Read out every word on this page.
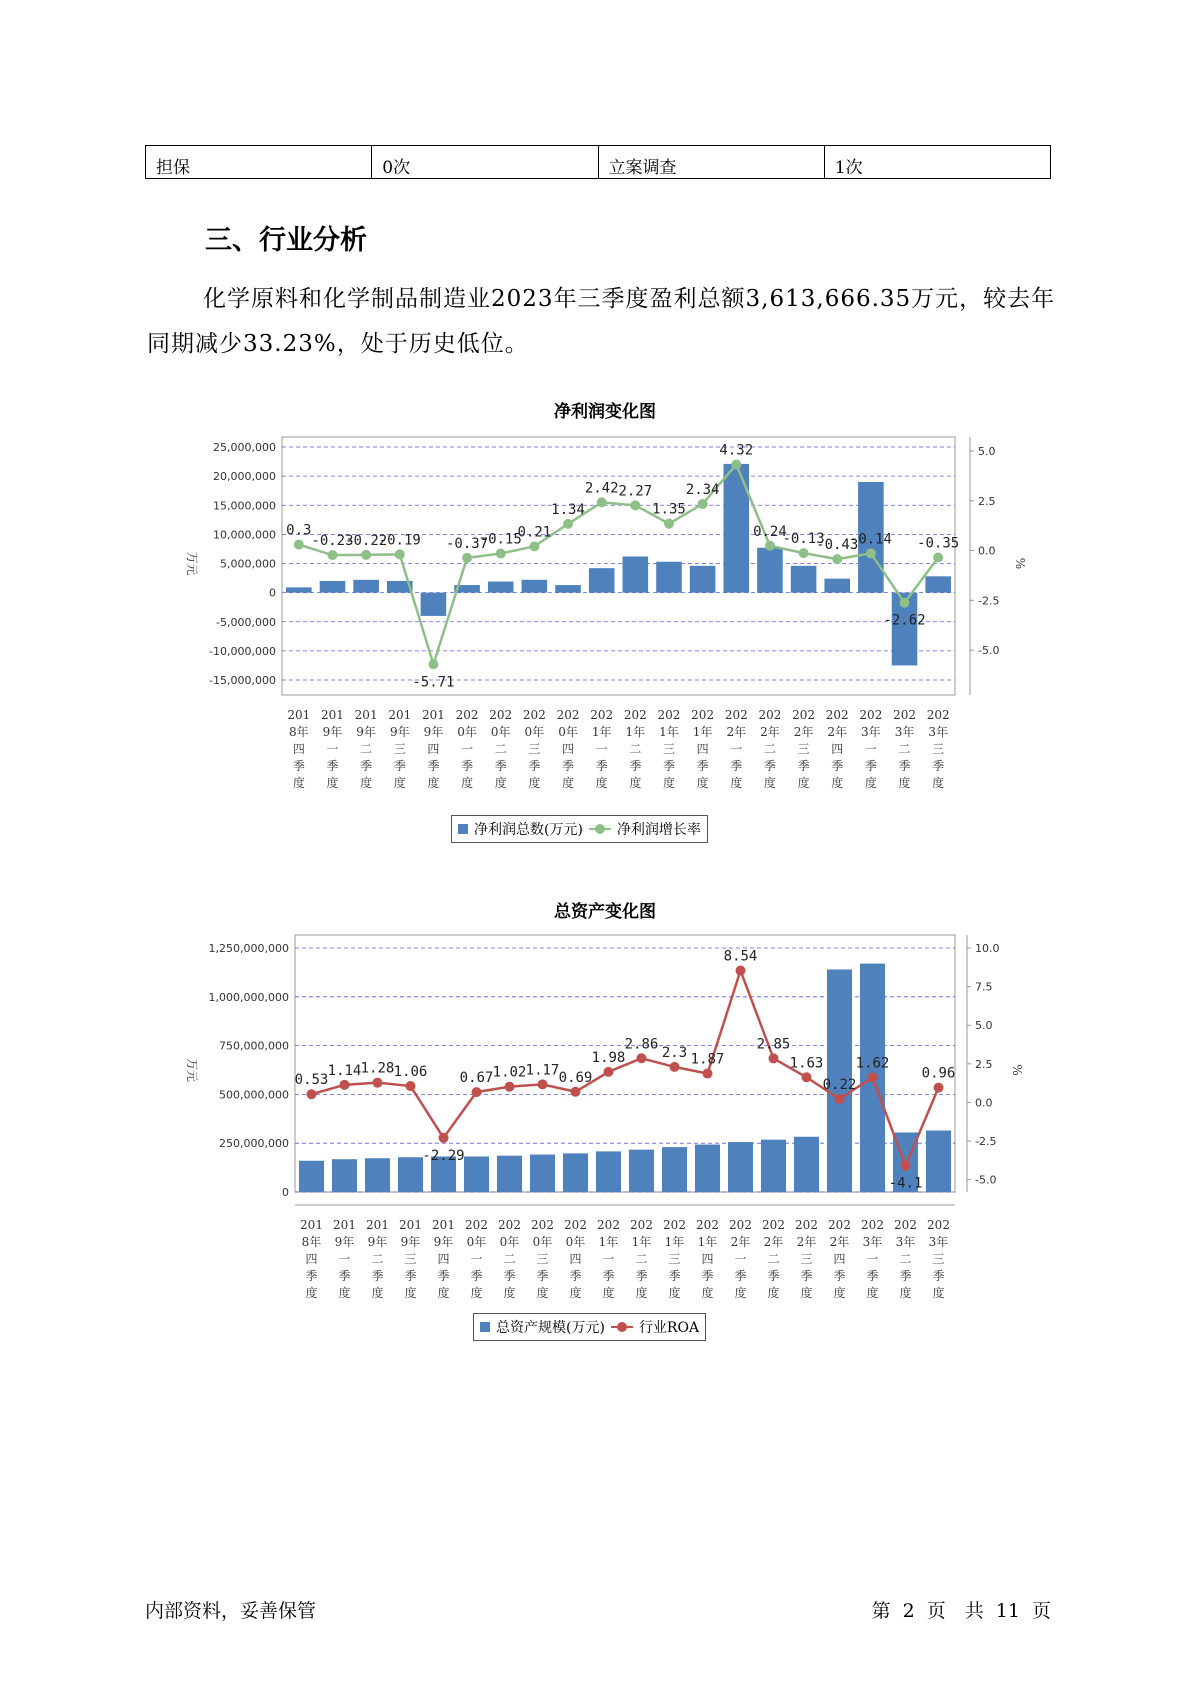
担保	0次	立案调查	1次
三、行业分析

化学原料和化学制品制造业2023年三季度盈利总额3,613,666.35万元，较去年同期减少33.23%，处于历史低位。

净利润变化图
25,000,000
20,000,000
15,000,000
10,000,000
5,000,000
0
-5,000,000
-10,000,000
-15,000,000
5.0
2.5
0.0
-2.5
-5.0
万元	%
0.3
-0.23
-0.22
-0.19
-5.71
-0.37
-0.15
0.21
1.34
2.42 2.27
1.35
2.34
4.32
0.24
-0.13
-0.43
-0.14
-2.62
-0.35
201
8年
四
季
度
201
9年
一
季
度
201
9年
二
季
度
201
9年
三
季
度
201
9年
四
季
度
202
0年
一
季
度
202
0年
二
季
度
202
0年
三
季
度
202
0年
四
季
度
202
1年
一
季
度
202
1年
二
季
度
202
1年
三
季
度
202
1年
四
季
度
202
2年
一
季
度
202
2年
二
季
度
202
2年
三
季
度
202
2年
四
季
度
202
3年
一
季
度
202
3年
二
季
度
202
3年
三
季
度
净利润总数(万元) 净利润增长率
总资产变化图
1,250,000,000
1,000,000,000
750,000,000
500,000,000
250,000,000
0
10.0
7.5
5.0
2.5
0.0
-2.5
-5.0
万元	%
0.53
1.14 1.28 1.06
-2.29
0.67 1.02 1.17 0.69
1.98
2.86
2.3 1.87
8.54
2.85
1.63
0.22
1.62
-4.1
0.96
201
8年
四
季
度
201
9年
一
季
度
201
9年
二
季
度
201
9年
三
季
度
201
9年
四
季
度
202
0年
一
季
度
202
0年
二
季
度
202
0年
三
季
度
202
0年
四
季
度
202
1年
一
季
度
202
1年
二
季
度
202
1年
三
季
度
202
1年
四
季
度
202
2年
一
季
度
202
2年
二
季
度
202
2年
三
季
度
202
2年
四
季
度
202
3年
一
季
度
202
3年
二
季
度
202
3年
三
季
度
总资产规模(万元) 行业ROA
内部资料，妥善保管	第 2 页　共 11 页
